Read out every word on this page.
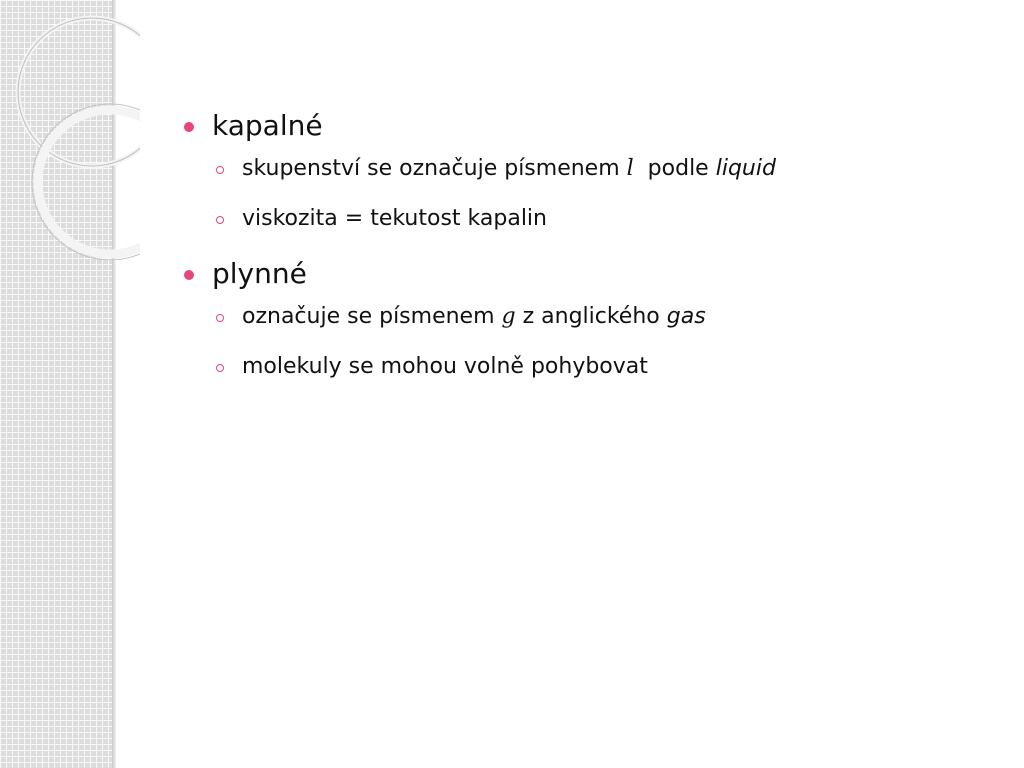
kapalné
skupenství se označuje písmenem l  podle liquid
viskozita = tekutost kapalin
plynné
označuje se písmenem g z anglického gas
molekuly se mohou volně pohybovat
